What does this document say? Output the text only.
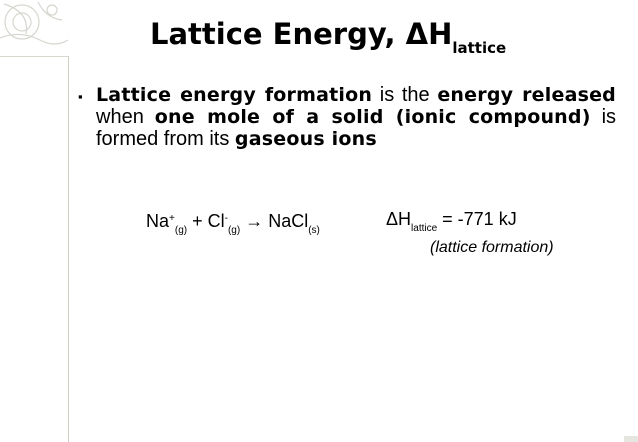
Lattice Energy, $\Delta H_{lattice}$
▪ Lattice energy formation is the energy released when one mole of a solid (ionic compound) is formed from its gaseous ions
$Na^+_{(g)} + Cl^-_{(g)}$ → NaCl$_{(s)}$
$\Delta H_{lattice} = -771$ kJ
(lattice formation)
